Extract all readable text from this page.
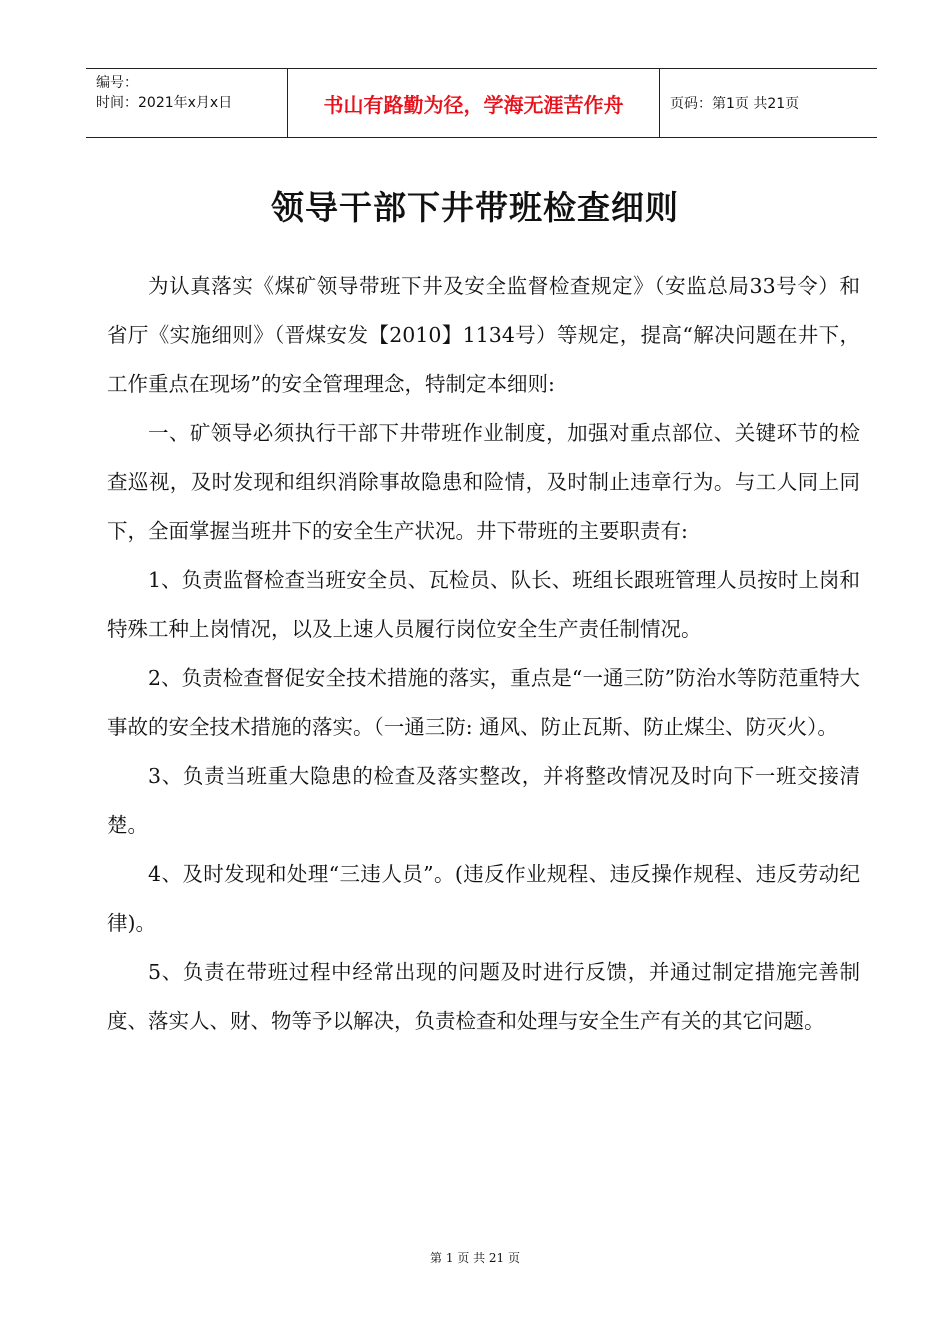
编号：
时间：2021年x月x日	书山有路勤为径，学海无涯苦作舟	页码：第1页 共21页
领导干部下井带班检查细则

为认真落实《煤矿领导带班下井及安全监督检查规定》（安监总局33号令）和省厅《实施细则》（晋煤安发【2010】1134号）等规定，提高“解决问题在井下，工作重点在现场”的安全管理理念，特制定本细则:

一、矿领导必须执行干部下井带班作业制度，加强对重点部位、关键环节的检查巡视，及时发现和组织消除事故隐患和险情，及时制止违章行为。与工人同上同下，全面掌握当班井下的安全生产状况。井下带班的主要职责有:

1、负责监督检查当班安全员、瓦检员、队长、班组长跟班管理人员按时上岗和特殊工种上岗情况，以及上速人员履行岗位安全生产责任制情况。

2、负责检查督促安全技术措施的落实，重点是“一通三防”防治水等防范重特大事故的安全技术措施的落实。（一通三防: 通风、防止瓦斯、防止煤尘、防灭火）。

3、负责当班重大隐患的检查及落实整改，并将整改情况及时向下一班交接清楚。

4、及时发现和处理“三违人员”。(违反作业规程、违反操作规程、违反劳动纪律)。

5、负责在带班过程中经常出现的问题及时进行反馈，并通过制定措施完善制度、落实人、财、物等予以解决，负责检查和处理与安全生产有关的其它问题。

第 1 页 共 21 页
